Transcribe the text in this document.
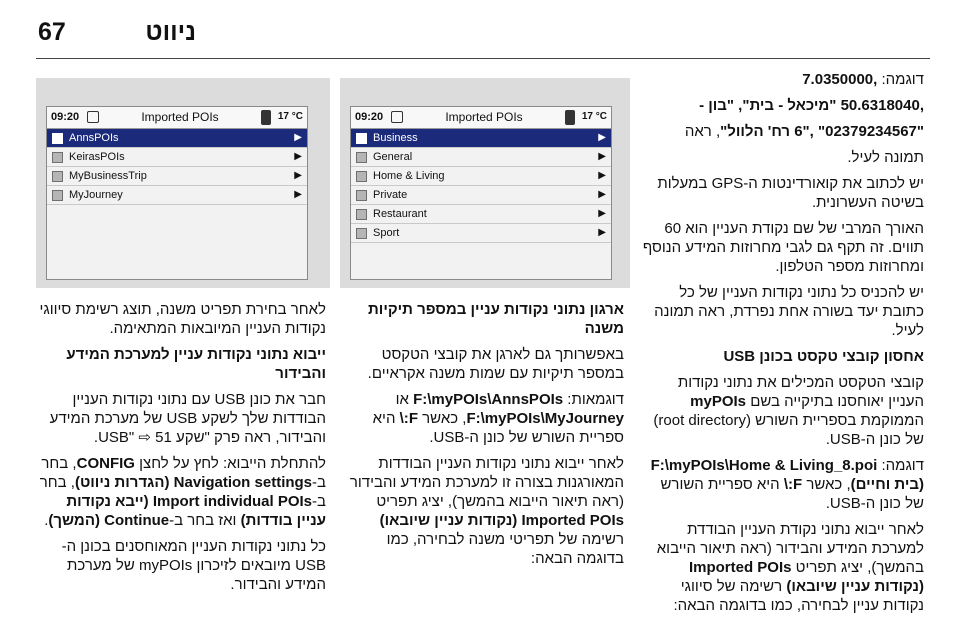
67	ניווט

דוגמה: ,7.0350000

,50.6318040 "מיכאל - בית", "בון -

"02379234567" ,"6 רח' הלוול", ראה

תמונה לעיל.

יש לכתוב את קואורדינטות ה-GPS במעלות בשיטה העשרונית.

האורך המרבי של שם נקודת העניין הוא 60 תווים. זה תקף גם לגבי מחרוזות המידע הנוסף ומחרוזות מספר הטלפון.

יש להכניס כל נתוני נקודות העניין של כל כתובת יעד בשורה אחת נפרדת, ראה תמונה לעיל.

אחסון קובצי טקסט בכונן USB

קובצי הטקסט המכילים את נתוני נקודות העניין יאוחסנו בתיקייה בשם myPOIs הממוקמת בספריית השורש (root directory) של כונן ה-USB.

דוגמה: F:\myPOIs\Home & Living_8.poi (בית וחיים), כאשר F:\ היא ספריית השורש של כונן ה-USB.

לאחר ייבוא נתוני נקודת העניין הבודדת למערכת המידע והבידור (ראה תיאור הייבוא בהמשך), יציג תפריט Imported POIs (נקודות עניין שיובאו) רשימה של סיווגי נקודות עניין לבחירה, כמו בדוגמה הבאה:

09:20	Imported POIs	17 °C
Business	▶
General	▶
Home & Living	▶
Private	▶
Restaurant	▶
Sport	▶
09:20	Imported POIs	17 °C
AnnsPOIs	▶
KeirasPOIs	▶
MyBusinessTrip	▶
MyJourney	▶

ארגון נתוני נקודות עניין במספר תיקיות משנה

באפשרותך גם לארגן את קובצי הטקסט במספר תיקיות עם שמות משנה אקראיים.

דוגמאות: F:\myPOIs\AnnsPOIs או F:\myPOIs\MyJourney, כאשר F:\ היא ספריית השורש של כונן ה-USB.

לאחר ייבוא נתוני נקודות העניין הבודדות המאורגנות בצורה זו למערכת המידע והבידור (ראה תיאור הייבוא בהמשך), יציג תפריט Imported POIs (נקודות עניין שיובאו) רשימה של תפריטי משנה לבחירה, כמו בדוגמה הבאה:

לאחר בחירת תפריט משנה, תוצג רשימת סיווגי נקודות העניין המיובאות המתאימה.

ייבוא נתוני נקודות עניין למערכת המידע והבידור

חבר את כונן USB עם נתוני נקודות העניין הבודדות שלך לשקע USB של מערכת המידע והבידור, ראה פרק "שקע USB" ⇨ 51.

להתחלת הייבוא: לחץ על לחצן CONFIG, בחר ב-Navigation settings (הגדרות ניווט), בחר ב-Import individual POIs (ייבא נקודות עניין בודדות) ואז בחר ב-Continue (המשך).

כל נתוני נקודות העניין המאוחסנים בכונן ה-USB מיובאים לזיכרון myPOIs של מערכת המידע והבידור.
